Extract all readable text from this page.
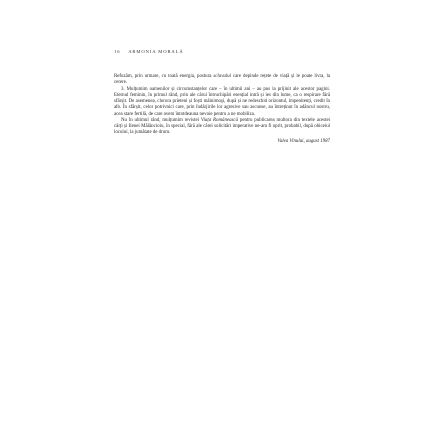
16 ARMONIA MORALĂ

Refuzăm, prin urmare, cu toată energia, postura sclavului care depinde rețete de viață și le poate livra, la cerere.

3. Mulțumim oamenilor și circumstanțelor care – în ultimii ani – au pus la prijinit ale acestor pagini. Eternul feminin, în primul rând, prin ale cărui întruchipări esențial intră și ies din lume, ca o respirare fără sfârșit. De asemenea, clorora prieteni și foști mâinimoşi, după și ne redeschid orizontul, impenitenți, credit în alb. În sfârșit, celor potrivnici care, prin îndârjirile lor agresive sau ascunse, au întreținut în adâncul nostru, acea stare fertilă, de care avem întotdeauna nevoie pentru a ne mobiliza.

Nu în ultimul rând, mulțumim revistei Viața Românească pentru publicarea multora din textele acestei cărți și Ilenei Mălăncioiu, în special, fără ale cărei solicitări imperative ne-am fi oprit, probabil, după obiceiul locului, la jumătate de drum.

Valea Vinului, august 1987
